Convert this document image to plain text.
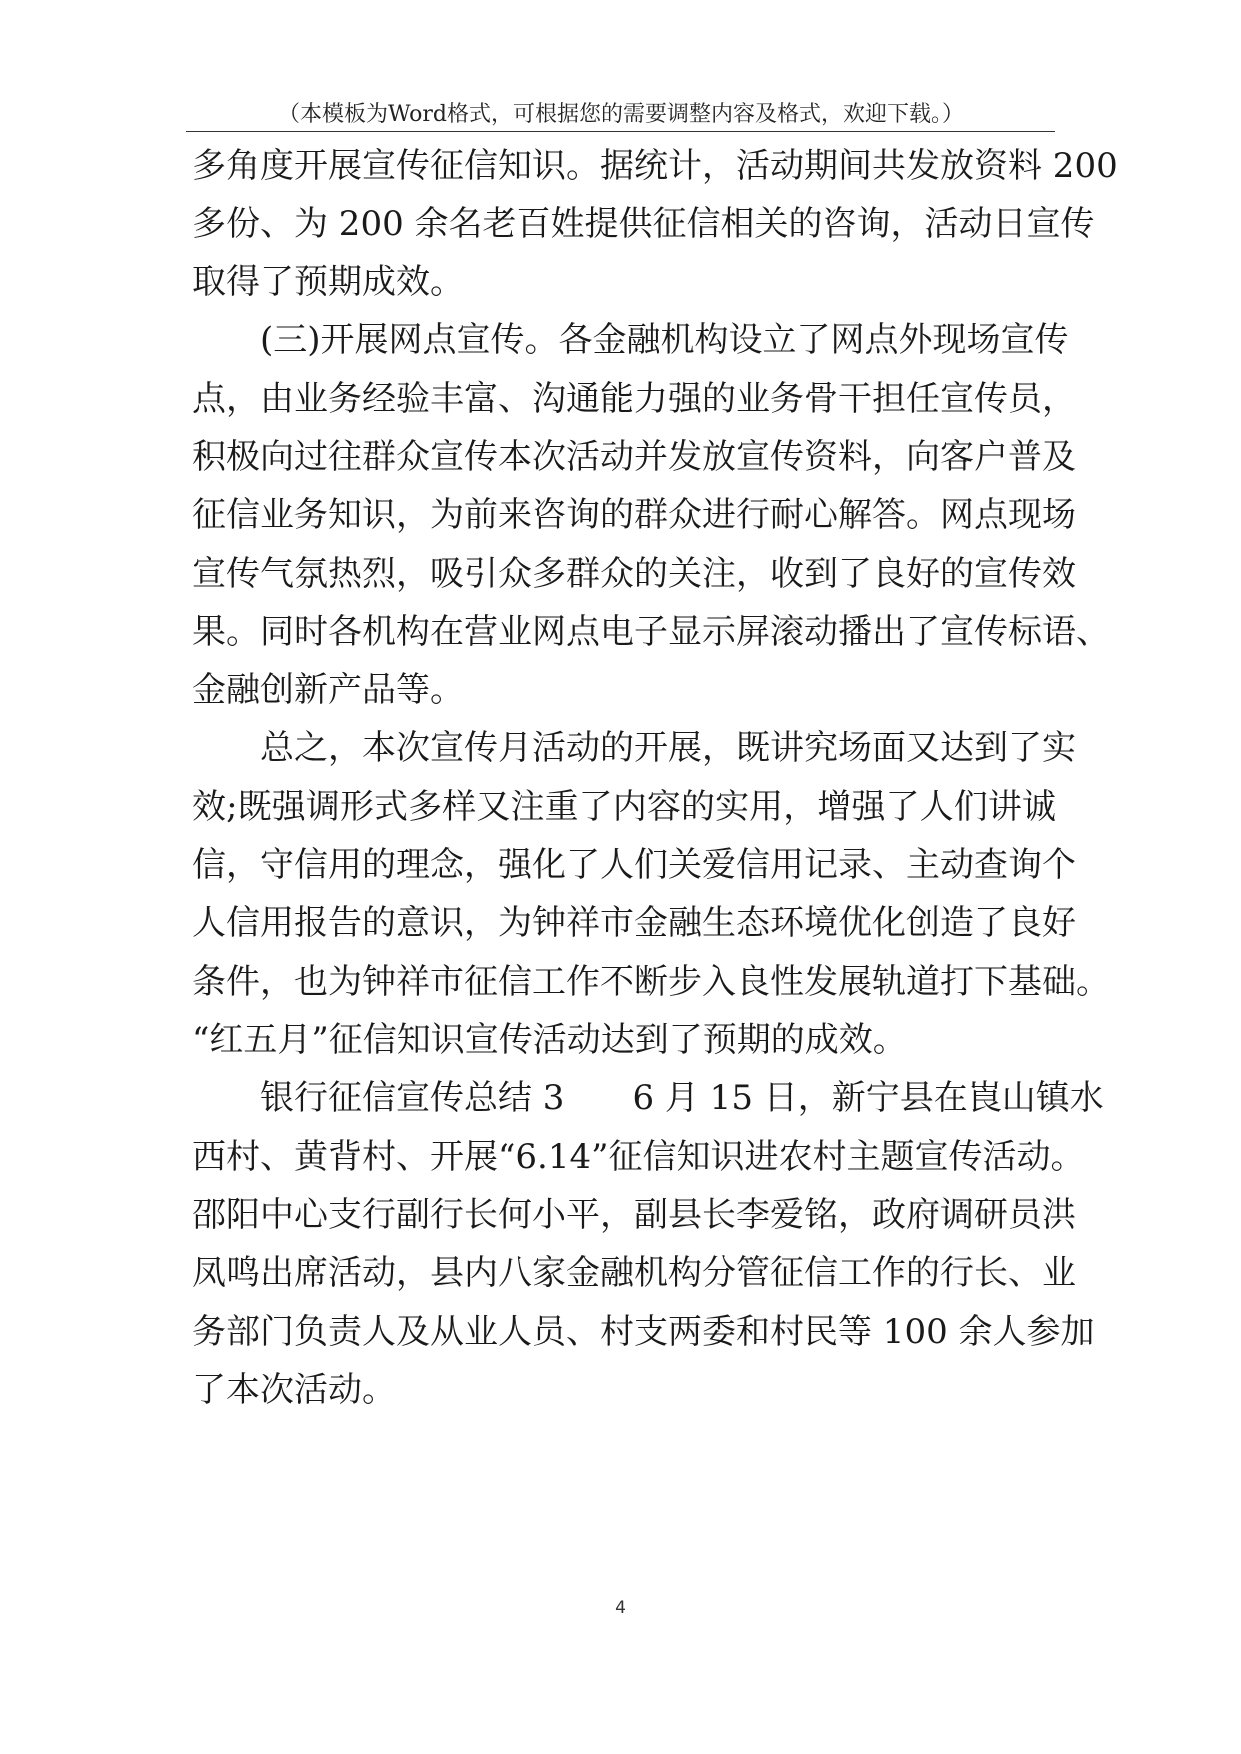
（本模板为Word格式，可根据您的需要调整内容及格式，欢迎下载。）
多角度开展宣传征信知识。据统计，活动期间共发放资料 200
多份、为 200 余名老百姓提供征信相关的咨询，活动日宣传
取得了预期成效。
(三)开展网点宣传。各金融机构设立了网点外现场宣传
点，由业务经验丰富、沟通能力强的业务骨干担任宣传员，
积极向过往群众宣传本次活动并发放宣传资料，向客户普及
征信业务知识，为前来咨询的群众进行耐心解答。网点现场
宣传气氛热烈，吸引众多群众的关注，收到了良好的宣传效
果。同时各机构在营业网点电子显示屏滚动播出了宣传标语、
金融创新产品等。
总之，本次宣传月活动的开展，既讲究场面又达到了实
效;既强调形式多样又注重了内容的实用，增强了人们讲诚
信，守信用的理念，强化了人们关爱信用记录、主动查询个
人信用报告的意识，为钟祥市金融生态环境优化创造了良好
条件，也为钟祥市征信工作不断步入良性发展轨道打下基础。
“红五月”征信知识宣传活动达到了预期的成效。
银行征信宣传总结 3　　6 月 15 日，新宁县在崀山镇水
西村、黄背村、开展“6.14”征信知识进农村主题宣传活动。
邵阳中心支行副行长何小平，副县长李爱铭，政府调研员洪
凤鸣出席活动，县内八家金融机构分管征信工作的行长、业
务部门负责人及从业人员、村支两委和村民等 100 余人参加
了本次活动。
4
